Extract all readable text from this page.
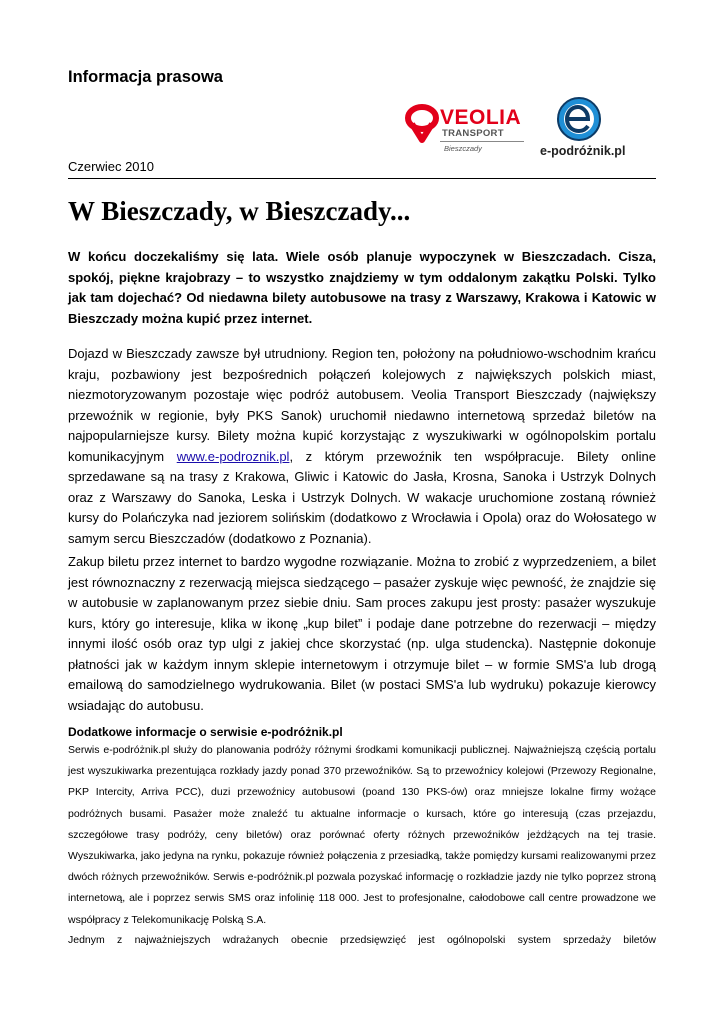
Informacja prasowa
VEOLIA
TRANSPORT
Bieszczady	e-podróżnik.pl
Czerwiec 2010
W Bieszczady, w Bieszczady...
W końcu doczekaliśmy się lata. Wiele osób planuje wypoczynek w Bieszczadach. Cisza, spokój, piękne krajobrazy – to wszystko znajdziemy w tym oddalonym zakątku Polski. Tylko jak tam dojechać? Od niedawna bilety autobusowe na trasy z Warszawy, Krakowa i Katowic w Bieszczady można kupić przez internet.
Dojazd w Bieszczady zawsze był utrudniony. Region ten, położony na południowo-wschodnim krańcu kraju, pozbawiony jest bezpośrednich połączeń kolejowych z największych polskich miast, niezmotoryzowanym pozostaje więc podróż autobusem. Veolia Transport Bieszczady (największy przewoźnik w regionie, były PKS Sanok) uruchomił niedawno internetową sprzedaż biletów na najpopularniejsze kursy. Bilety można kupić korzystając z wyszukiwarki w ogólnopolskim portalu komunikacyjnym www.e-podroznik.pl, z którym przewoźnik ten współpracuje. Bilety online sprzedawane są na trasy z Krakowa, Gliwic i Katowic do Jasła, Krosna, Sanoka i Ustrzyk Dolnych oraz z Warszawy do Sanoka, Leska i Ustrzyk Dolnych. W wakacje uruchomione zostaną również kursy do Polańczyka nad jeziorem solińskim (dodatkowo z Wrocławia i Opola) oraz do Wołosatego w samym sercu Bieszczadów (dodatkowo z Poznania).
Zakup biletu przez internet to bardzo wygodne rozwiązanie. Można to zrobić z wyprzedzeniem, a bilet jest równoznaczny z rezerwacją miejsca siedzącego – pasażer zyskuje więc pewność, że znajdzie się w autobusie w zaplanowanym przez siebie dniu. Sam proces zakupu jest prosty: pasażer wyszukuje kurs, który go interesuje, klika w ikonę „kup bilet” i podaje dane potrzebne do rezerwacji – między innymi ilość osób oraz typ ulgi z jakiej chce skorzystać (np. ulga studencka). Następnie dokonuje płatności jak w każdym innym sklepie internetowym i otrzymuje bilet – w formie SMS'a lub drogą emailową do samodzielnego wydrukowania. Bilet (w postaci SMS'a lub wydruku) pokazuje kierowcy wsiadając do autobusu.
Dodatkowe informacje o serwisie e-podróżnik.pl
Serwis e-podróżnik.pl służy do planowania podróży różnymi środkami komunikacji publicznej. Najważniejszą częścią portalu jest wyszukiwarka prezentująca rozkłady jazdy ponad 370 przewoźników. Są to przewoźnicy kolejowi (Przewozy Regionalne, PKP Intercity, Arriva PCC), duzi przewoźnicy autobusowi (poand 130 PKS-ów) oraz mniejsze lokalne firmy wożące podróżnych busami. Pasażer może znaleźć tu aktualne informacje o kursach, które go interesują (czas przejazdu, szczegółowe trasy podróży, ceny biletów) oraz porównać oferty różnych przewoźników jeżdżących na tej trasie. Wyszukiwarka, jako jedyna na rynku, pokazuje również połączenia z przesiadką, także pomiędzy kursami realizowanymi przez dwóch różnych przewoźników. Serwis e-podróżnik.pl pozwala pozyskać informację o rozkładzie jazdy nie tylko poprzez stroną internetową, ale i poprzez serwis SMS oraz infolinię 118 000. Jest to profesjonalne, całodobowe call centre prowadzone we współpracy z Telekomunikację Polską S.A.
Jednym z najważniejszych wdrażanych obecnie przedsięwzięć jest ogólnopolski system sprzedaży biletów
